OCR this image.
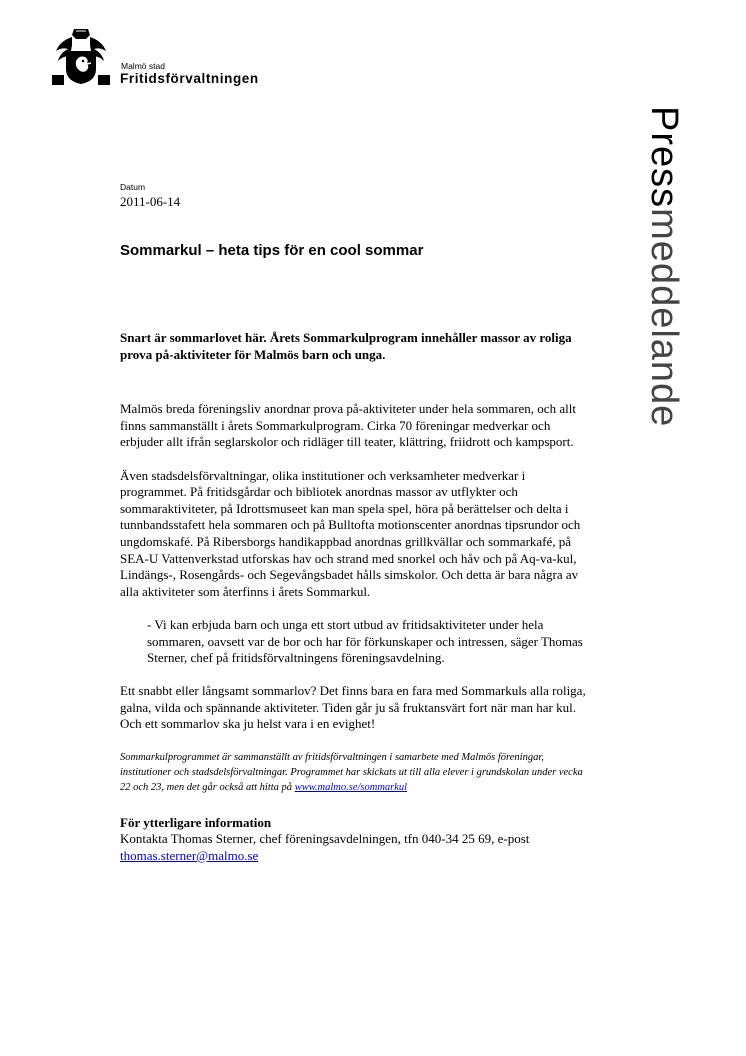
Malmö stad
Fritidsförvaltningen
Pressmeddelande
Datum
2011-06-14
Sommarkul – heta tips för en cool sommar

Snart är sommarlovet här. Årets Sommarkulprogram innehåller massor av roliga prova på-aktiviteter för Malmös barn och unga.

Malmös breda föreningsliv anordnar prova på-aktiviteter under hela sommaren, och allt finns sammanställt i årets Sommarkulprogram. Cirka 70 föreningar medverkar och erbjuder allt ifrån seglarskolor och ridläger till teater, klättring, friidrott och kampsport.

Även stadsdelsförvaltningar, olika institutioner och verksamheter medverkar i programmet. På fritidsgårdar och bibliotek anordnas massor av utflykter och sommaraktiviteter, på Idrottsmuseet kan man spela spel, höra på berättelser och delta i tunnbandsstafett hela sommaren och på Bulltofta motionscenter anordnas tipsrundor och ungdomskafé. På Ribersborgs handikappbad anordnas grillkvällar och sommarkafé, på SEA-U Vattenverkstad utforskas hav och strand med snorkel och håv och på Aq-va-kul, Lindängs-, Rosengårds- och Segevångsbadet hålls simskolor. Och detta är bara några av alla aktiviteter som återfinns i årets Sommarkul.

- Vi kan erbjuda barn och unga ett stort utbud av fritidsaktiviteter under hela sommaren, oavsett var de bor och har för förkunskaper och intressen, säger Thomas Sterner, chef på fritidsförvaltningens föreningsavdelning.

Ett snabbt eller långsamt sommarlov? Det finns bara en fara med Sommarkuls alla roliga, galna, vilda och spännande aktiviteter. Tiden går ju så fruktansvärt fort när man har kul. Och ett sommarlov ska ju helst vara i en evighet!

Sommarkulprogrammet är sammanställt av fritidsförvaltningen i samarbete med Malmös föreningar, institutioner och stadsdelsförvaltningar. Programmet har skickats ut till alla elever i grundskolan under vecka 22 och 23, men det går också att hitta på www.malmo.se/sommarkul

För ytterligare information
Kontakta Thomas Sterner, chef föreningsavdelningen, tfn 040-34 25 69, e-post thomas.sterner@malmo.se
